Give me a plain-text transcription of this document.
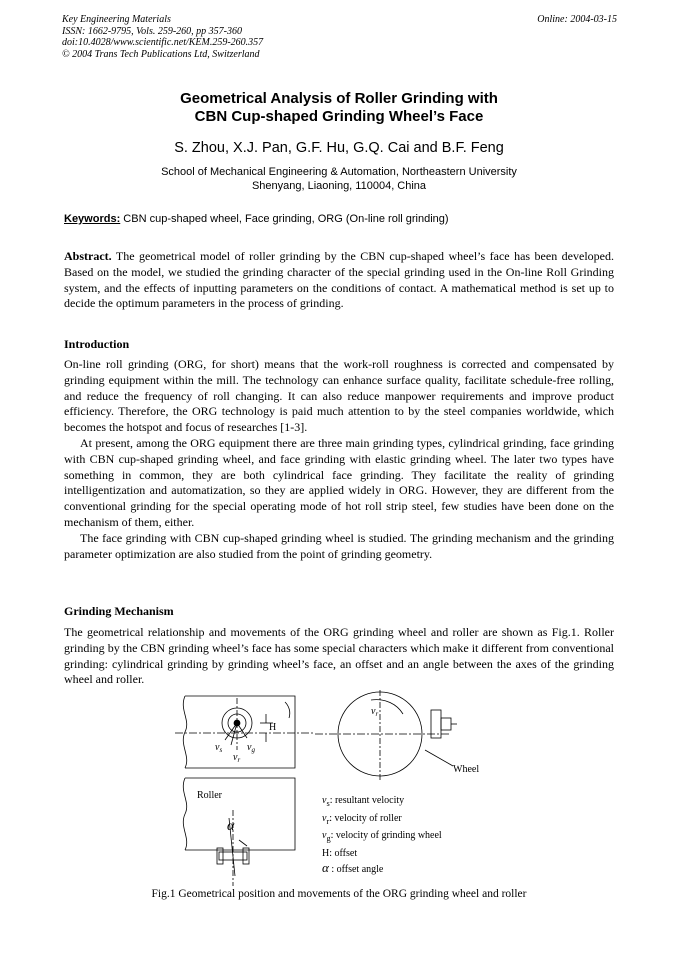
Key Engineering Materials
ISSN: 1662-9795, Vols. 259-260, pp 357-360
doi:10.4028/www.scientific.net/KEM.259-260.357
© 2004 Trans Tech Publications Ltd, Switzerland
Online: 2004-03-15
Geometrical Analysis of Roller Grinding with
CBN Cup-shaped Grinding Wheel’s Face
S. Zhou, X.J. Pan, G.F. Hu, G.Q. Cai and B.F. Feng
School of Mechanical Engineering & Automation, Northeastern University
Shenyang, Liaoning, 110004, China
Keywords: CBN cup-shaped wheel, Face grinding, ORG (On-line roll grinding)

Abstract. The geometrical model of roller grinding by the CBN cup-shaped wheel’s face has been developed. Based on the model, we studied the grinding character of the special grinding used in the On-line Roll Grinding system, and the effects of inputting parameters on the conditions of contact. A mathematical method is set up to decide the optimum parameters in the process of grinding.

Introduction

On-line roll grinding (ORG, for short) means that the work-roll roughness is corrected and compensated by grinding equipment within the mill. The technology can enhance surface quality, facilitate schedule-free rolling, and reduce the frequency of roll changing. It can also reduce manpower requirements and improve product efficiency. Therefore, the ORG technology is paid much attention to by the steel companies worldwide, which becomes the hotspot and focus of researches [1-3].

At present, among the ORG equipment there are three main grinding types, cylindrical grinding, face grinding with CBN cup-shaped grinding wheel, and face grinding with elastic grinding wheel. The later two types have something in common, they are both cylindrical face grinding. They facilitate the reality of grinding intelligentization and automatization, so they are applied widely in ORG. However, they are different from the conventional grinding for the special operating mode of hot roll strip steel, few studies have been done on the mechanism of them, either.

The face grinding with CBN cup-shaped grinding wheel is studied. The grinding mechanism and the grinding parameter optimization are also studied from the point of grinding geometry.

Grinding Mechanism

The geometrical relationship and movements of the ORG grinding wheel and roller are shown as Fig.1. Roller grinding by the CBN grinding wheel’s face has some special characters which make it different from conventional grinding: cylindrical grinding by grinding wheel’s face, an offset and an angle between the axes of the grinding wheel and roller.

H
$v_g$
$v_s$
$v_r$
$v_r$
Wheel
Roller
α
$v_s$: resultant velocity
$v_r$: velocity of roller
$v_g$: velocity of grinding wheel
H: offset
α : offset angle
Fig.1 Geometrical position and movements of the ORG grinding wheel and roller
